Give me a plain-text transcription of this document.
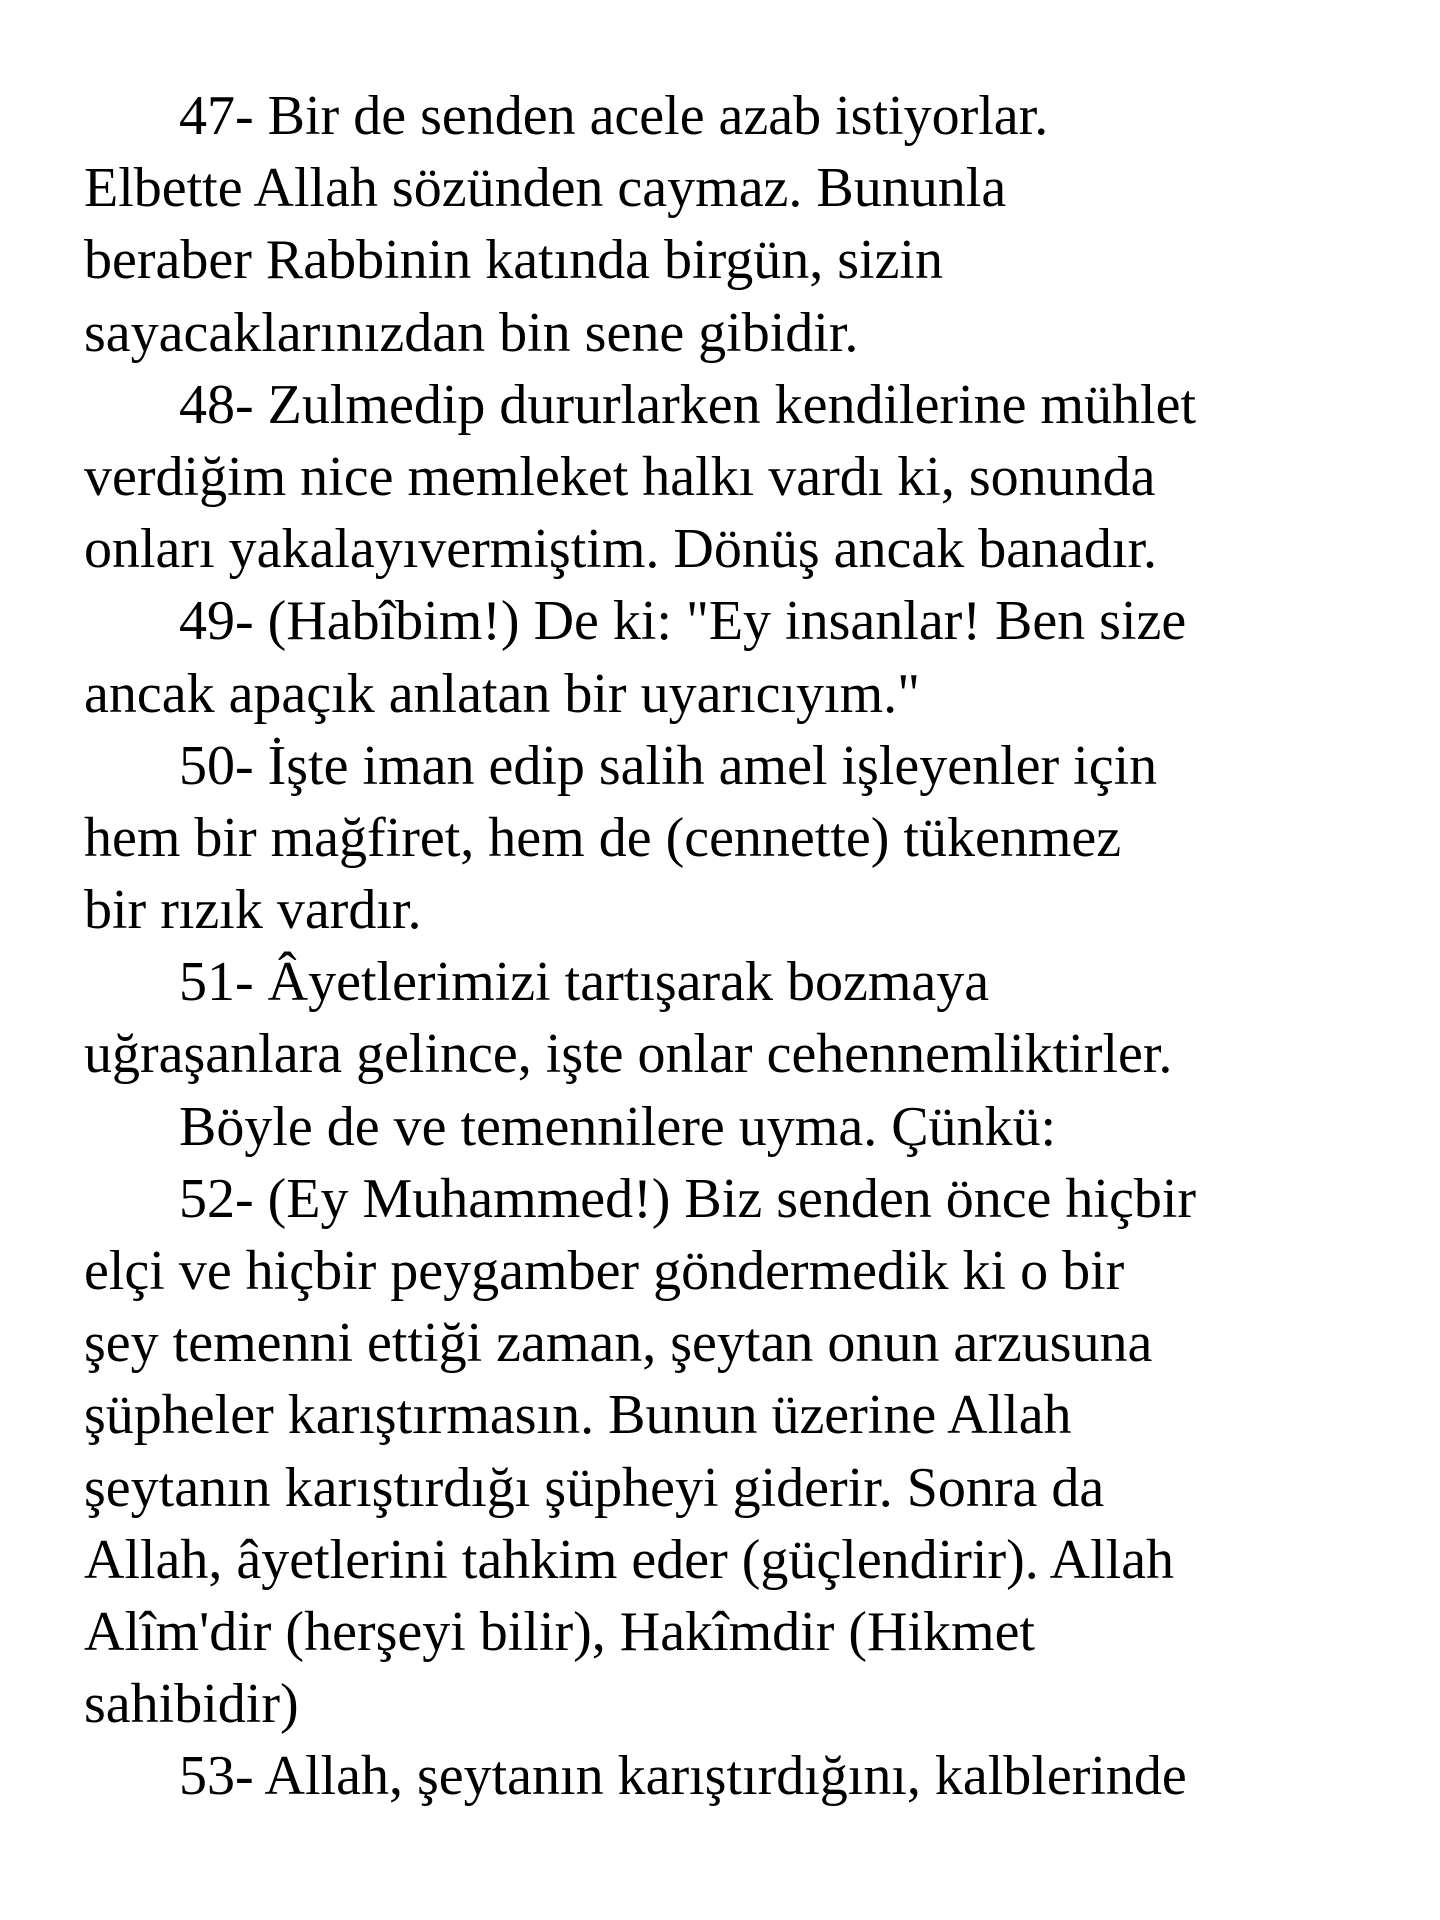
47- Bir de senden acele azab istiyorlar.
Elbette Allah sözünden caymaz. Bununla
beraber Rabbinin katında birgün, sizin
sayacaklarınızdan bin sene gibidir.
48- Zulmedip dururlarken kendilerine mühlet
verdiğim nice memleket halkı vardı ki, sonunda
onları yakalayıvermiştim. Dönüş ancak banadır.
49- (Habîbim!) De ki: "Ey insanlar! Ben size
ancak apaçık anlatan bir uyarıcıyım."
50- İşte iman edip salih amel işleyenler için
hem bir mağfiret, hem de (cennette) tükenmez
bir rızık vardır.
51- Âyetlerimizi tartışarak bozmaya
uğraşanlara gelince, işte onlar cehennemliktirler.
Böyle de ve temennilere uyma. Çünkü:
52- (Ey Muhammed!) Biz senden önce hiçbir
elçi ve hiçbir peygamber göndermedik ki o bir
şey temenni ettiği zaman, şeytan onun arzusuna
şüpheler karıştırmasın. Bunun üzerine Allah
şeytanın karıştırdığı şüpheyi giderir. Sonra da
Allah, âyetlerini tahkim eder (güçlendirir). Allah
Alîm'dir (herşeyi bilir), Hakîmdir (Hikmet
sahibidir)
53- Allah, şeytanın karıştırdığını, kalblerinde
